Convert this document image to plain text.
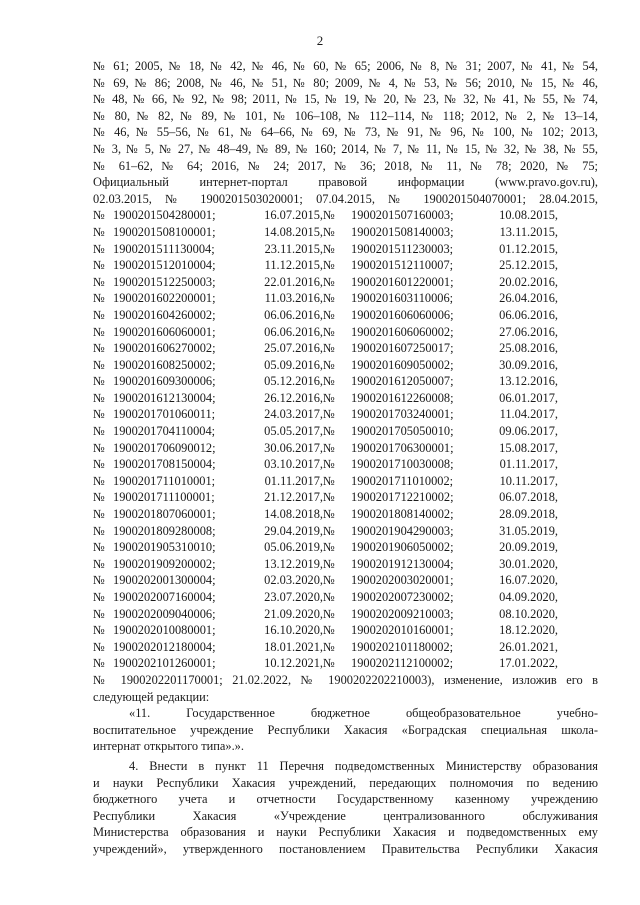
2
№ 61; 2005, № 18, № 42, № 46, № 60, № 65; 2006, № 8, № 31; 2007, № 41, № 54,
№ 69, № 86; 2008, № 46, № 51, № 80; 2009, № 4, № 53, № 56; 2010, № 15, № 46,
№ 48, № 66, № 92, № 98; 2011, № 15, № 19, № 20, № 23, № 32, № 41, № 55, № 74,
№ 80, № 82, № 89, № 101, № 106–108, № 112–114, № 118; 2012, № 2, № 13–14,
№ 46, № 55–56, № 61, № 64–66, № 69, № 73, № 91, № 96, № 100, № 102; 2013,
№ 3, № 5, № 27, № 48–49, № 89, № 160; 2014, № 7, № 11, № 15, № 32, № 38, № 55,
№ 61–62, № 64; 2016, № 24; 2017, № 36; 2018, № 11, № 78; 2020, № 75;
Официальный интернет-портал правовой информации (www.pravo.gov.ru),
02.03.2015, № 1900201503020001; 07.04.2015, № 1900201504070001; 28.04.2015,
№ 1900201504280001;	16.07.2015, №	1900201507160003;	10.08.2015,
№ 1900201508100001;	14.08.2015, №	1900201508140003;	13.11.2015,
№ 1900201511130004;	23.11.2015, №	1900201511230003;	01.12.2015,
№ 1900201512010004;	11.12.2015, №	1900201512110007;	25.12.2015,
№ 1900201512250003;	22.01.2016, №	1900201601220001;	20.02.2016,
№ 1900201602200001;	11.03.2016, №	1900201603110006;	26.04.2016,
№ 1900201604260002;	06.06.2016, №	1900201606060006;	06.06.2016,
№ 1900201606060001;	06.06.2016, №	1900201606060002;	27.06.2016,
№ 1900201606270002;	25.07.2016, №	1900201607250017;	25.08.2016,
№ 1900201608250002;	05.09.2016, №	1900201609050002;	30.09.2016,
№ 1900201609300006;	05.12.2016, №	1900201612050007;	13.12.2016,
№ 1900201612130004;	26.12.2016, №	1900201612260008;	06.01.2017,
№ 1900201701060011;	24.03.2017, №	1900201703240001;	11.04.2017,
№ 1900201704110004;	05.05.2017, №	1900201705050010;	09.06.2017,
№ 1900201706090012;	30.06.2017, №	1900201706300001;	15.08.2017,
№ 1900201708150004;	03.10.2017, №	1900201710030008;	01.11.2017,
№ 1900201711010001;	01.11.2017, №	1900201711010002;	10.11.2017,
№ 1900201711100001;	21.12.2017, №	1900201712210002;	06.07.2018,
№ 1900201807060001;	14.08.2018, №	1900201808140002;	28.09.2018,
№ 1900201809280008;	29.04.2019, №	1900201904290003;	31.05.2019,
№ 1900201905310010;	05.06.2019, №	1900201906050002;	20.09.2019,
№ 1900201909200002;	13.12.2019, №	1900201912130004;	30.01.2020,
№ 1900202001300004;	02.03.2020, №	1900202003020001;	16.07.2020,
№ 1900202007160004;	23.07.2020, №	1900202007230002;	04.09.2020,
№ 1900202009040006;	21.09.2020, №	1900202009210003;	08.10.2020,
№ 1900202010080001;	16.10.2020, №	1900202010160001;	18.12.2020,
№ 1900202012180004;	18.01.2021, №	1900202101180002;	26.01.2021,
№ 1900202101260001;	10.12.2021, №	1900202112100002;	17.01.2022,
№ 1900202201170001; 21.02.2022, № 1900202202210003), изменение, изложив его в
следующей редакции:
«11. Государственное бюджетное общеобразовательное учебно-
воспитательное учреждение Республики Хакасия «Боградская специальная школа-
интернат открытого типа».».
4. Внести в пункт 11 Перечня подведомственных Министерству образования
и науки Республики Хакасия учреждений, передающих полномочия по ведению
бюджетного учета и отчетности Государственному казенному учреждению
Республики Хакасия «Учреждение централизованного обслуживания
Министерства образования и науки Республики Хакасия и подведомственных ему
учреждений», утвержденного постановлением Правительства Республики Хакасия
